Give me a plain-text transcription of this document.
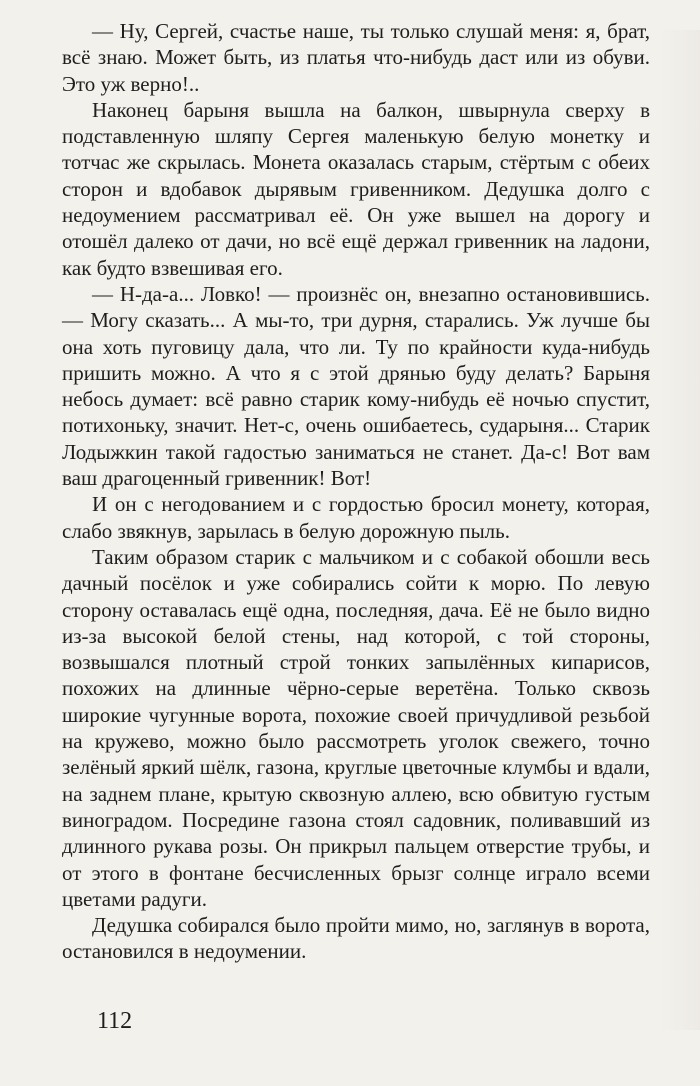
— Ну, Сергей, счастье наше, ты только слушай меня: я, брат, всё знаю. Может быть, из платья что-нибудь даст или из обуви. Это уж верно!..

Наконец барыня вышла на балкон, швырнула сверху в подставленную шляпу Сергея маленькую белую монетку и тотчас же скрылась. Монета оказалась старым, стёртым с обеих сторон и вдобавок дырявым гривенником. Дедушка долго с недоумением рассматривал её. Он уже вышел на дорогу и отошёл далеко от дачи, но всё ещё держал гривенник на ладони, как будто взвешивая его.

— Н-да-а... Ловко! — произнёс он, внезапно остановившись. — Могу сказать... А мы-то, три дурня, старались. Уж лучше бы она хоть пуговицу дала, что ли. Ту по крайности куда-нибудь пришить можно. А что я с этой дрянью буду делать? Барыня небось думает: всё равно старик кому-нибудь её ночью спустит, потихоньку, значит. Нет-с, очень ошибаетесь, сударыня... Старик Лодыжкин такой гадостью заниматься не станет. Да-с! Вот вам ваш драгоценный гривенник! Вот!

И он с негодованием и с гордостью бросил монету, которая, слабо звякнув, зарылась в белую дорожную пыль.

Таким образом старик с мальчиком и с собакой обошли весь дачный посёлок и уже собирались сойти к морю. По левую сторону оставалась ещё одна, последняя, дача. Её не было видно из-за высокой белой стены, над которой, с той стороны, возвышался плотный строй тонких запылённых кипарисов, похожих на длинные чёрно-серые веретёна. Только сквозь широкие чугунные ворота, похожие своей причудливой резьбой на кружево, можно было рассмотреть уголок свежего, точно зелёный яркий шёлк, газона, круглые цветочные клумбы и вдали, на заднем плане, крытую сквозную аллею, всю обвитую густым виноградом. Посредине газона стоял садовник, поливавший из длинного рукава розы. Он прикрыл пальцем отверстие трубы, и от этого в фонтане бесчисленных брызг солнце играло всеми цветами радуги.

Дедушка собирался было пройти мимо, но, заглянув в ворота, остановился в недоумении.

112
